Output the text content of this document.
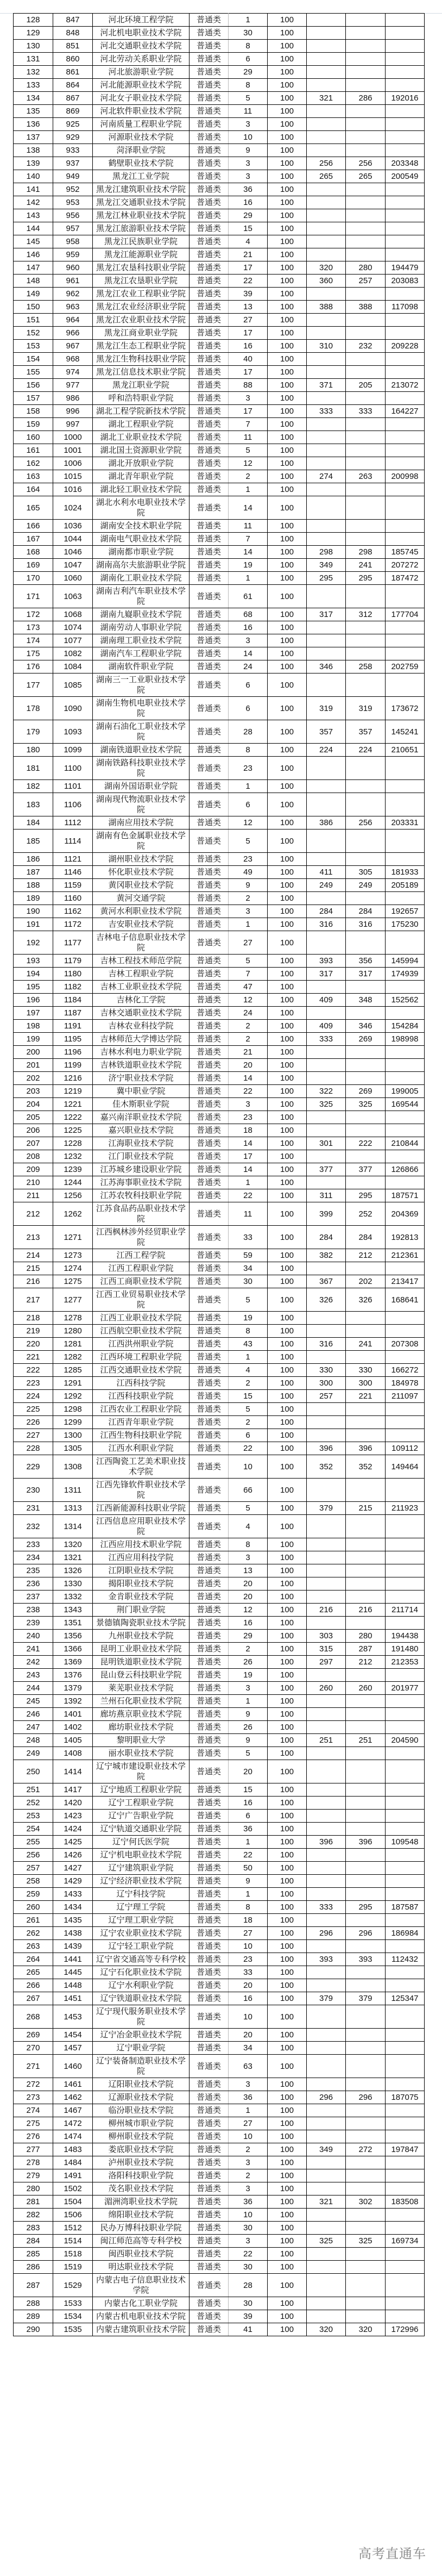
128	847	河北环境工程学院	普通类	1	100			
129	848	河北机电职业技术学院	普通类	30	100			
130	851	河北交通职业技术学院	普通类	8	100			
131	860	河北劳动关系职业学院	普通类	6	100			
132	861	河北旅游职业学院	普通类	29	100			
133	864	河北能源职业技术学院	普通类	8	100			
134	867	河北女子职业技术学院	普通类	5	100	321	286	192016
135	869	河北软件职业技术学院	普通类	11	100			
136	925	河南质量工程职业学院	普通类	3	100			
137	929	河源职业技术学院	普通类	10	100			
138	933	菏泽职业学院	普通类	9	100			
139	937	鹤壁职业技术学院	普通类	3	100	256	256	203348
140	949	黑龙江工业学院	普通类	3	100	265	265	200549
141	952	黑龙江建筑职业技术学院	普通类	36	100			
142	953	黑龙江交通职业技术学院	普通类	16	100			
143	956	黑龙江林业职业技术学院	普通类	29	100			
144	957	黑龙江旅游职业技术学院	普通类	15	100			
145	958	黑龙江民族职业学院	普通类	4	100			
146	959	黑龙江能源职业学院	普通类	21	100			
147	960	黑龙江农垦科技职业学院	普通类	17	100	320	280	194479
148	961	黑龙江农垦职业学院	普通类	22	100	360	257	203083
149	962	黑龙江农业工程职业学院	普通类	39	100			
150	963	黑龙江农业经济职业学院	普通类	13	100	388	388	117098
151	964	黑龙江农业职业技术学院	普通类	27	100			
152	966	黑龙江商业职业学院	普通类	17	100			
153	967	黑龙江生态工程职业学院	普通类	16	100	310	232	209228
154	968	黑龙江生物科技职业学院	普通类	40	100			
155	974	黑龙江信息技术职业学院	普通类	17	100			
156	977	黑龙江职业学院	普通类	88	100	371	205	213072
157	986	呼和浩特职业学院	普通类	3	100			
158	996	湖北工程学院新技术学院	普通类	17	100	333	333	164227
159	997	湖北工程职业学院	普通类	7	100			
160	1000	湖北工业职业技术学院	普通类	11	100			
161	1001	湖北国土资源职业学院	普通类	5	100			
162	1006	湖北开放职业学院	普通类	12	100			
163	1015	湖北青年职业学院	普通类	2	100	274	263	200998
164	1016	湖北轻工职业技术学院	普通类	1	100			
165	1024	湖北水利水电职业技术学院	普通类	14	100			
166	1036	湖南安全技术职业学院	普通类	11	100			
167	1044	湖南电气职业技术学院	普通类	7	100			
168	1046	湖南都市职业学院	普通类	14	100	298	298	185745
169	1047	湖南高尔夫旅游职业学院	普通类	19	100	349	241	207272
170	1060	湖南化工职业技术学院	普通类	1	100	295	295	187472
171	1063	湖南吉利汽车职业技术学院	普通类	61	100			
172	1068	湖南九嶷职业技术学院	普通类	68	100	317	312	177704
173	1074	湖南劳动人事职业学院	普通类	16	100			
174	1077	湖南理工职业技术学院	普通类	3	100			
175	1082	湖南汽车工程职业学院	普通类	14	100			
176	1084	湖南软件职业学院	普通类	24	100	346	258	202759
177	1085	湖南三一工业职业技术学院	普通类	6	100			
178	1090	湖南生物机电职业技术学院	普通类	6	100	319	319	173672
179	1093	湖南石油化工职业技术学院	普通类	28	100	357	357	145241
180	1099	湖南铁道职业技术学院	普通类	8	100	224	224	210651
181	1100	湖南铁路科技职业技术学院	普通类	23	100			
182	1101	湖南外国语职业学院	普通类	1	100			
183	1106	湖南现代物流职业技术学院	普通类	6	100			
184	1112	湖南应用技术学院	普通类	12	100	386	256	203331
185	1114	湖南有色金属职业技术学院	普通类	5	100			
186	1121	湖州职业技术学院	普通类	23	100			
187	1146	怀化职业技术学院	普通类	49	100	411	305	181933
188	1159	黄冈职业技术学院	普通类	9	100	249	249	205189
189	1160	黄河交通学院	普通类	2	100			
190	1162	黄河水利职业技术学院	普通类	3	100	284	284	192657
191	1172	吉安职业技术学院	普通类	1	100	316	316	175230
192	1177	吉林电子信息职业技术学院	普通类	27	100			
193	1179	吉林工程技术师范学院	普通类	5	100	393	356	145994
194	1180	吉林工程职业学院	普通类	7	100	317	317	174939
195	1182	吉林工业职业技术学院	普通类	47	100			
196	1184	吉林化工学院	普通类	12	100	409	348	152562
197	1187	吉林交通职业技术学院	普通类	24	100			
198	1191	吉林农业科技学院	普通类	2	100	409	346	154284
199	1195	吉林师范大学博达学院	普通类	2	100	333	269	198998
200	1196	吉林水利电力职业学院	普通类	21	100			
201	1199	吉林铁道职业技术学院	普通类	20	100			
202	1216	济宁职业技术学院	普通类	14	100			
203	1219	冀中职业学院	普通类	22	100	322	269	199005
204	1221	佳木斯职业学院	普通类	3	100	325	325	169544
205	1222	嘉兴南洋职业技术学院	普通类	23	100			
206	1225	嘉兴职业技术学院	普通类	18	100			
207	1228	江海职业技术学院	普通类	14	100	301	222	210844
208	1232	江门职业技术学院	普通类	17	100			
209	1239	江苏城乡建设职业学院	普通类	14	100	377	377	126866
210	1244	江苏海事职业技术学院	普通类	1	100			
211	1256	江苏农牧科技职业学院	普通类	22	100	311	295	187571
212	1262	江苏食品药品职业技术学院	普通类	11	100	399	252	204369
213	1271	江西枫林涉外经贸职业学院	普通类	33	100	284	284	192813
214	1273	江西工程学院	普通类	59	100	382	212	212361
215	1274	江西工程职业学院	普通类	34	100			
216	1275	江西工商职业技术学院	普通类	30	100	367	202	213417
217	1277	江西工业贸易职业技术学院	普通类	5	100	326	326	168641
218	1278	江西工业职业技术学院	普通类	19	100			
219	1280	江西航空职业技术学院	普通类	8	100			
220	1281	江西洪州职业学院	普通类	43	100	316	241	207308
221	1282	江西环境工程职业学院	普通类	1	100			
222	1285	江西交通职业技术学院	普通类	4	100	330	330	166272
223	1291	江西科技学院	普通类	2	100	300	300	184978
224	1292	江西科技职业学院	普通类	15	100	257	221	211097
225	1298	江西农业工程职业学院	普通类	5	100			
226	1299	江西青年职业学院	普通类	2	100			
227	1300	江西生物科技职业学院	普通类	6	100			
228	1305	江西水利职业学院	普通类	22	100	396	396	109112
229	1308	江西陶瓷工艺美术职业技术学院	普通类	10	100	352	352	149464
230	1311	江西先锋软件职业技术学院	普通类	66	100			
231	1313	江西新能源科技职业学院	普通类	5	100	379	215	211923
232	1314	江西信息应用职业技术学院	普通类	4	100			
233	1320	江西应用技术职业学院	普通类	8	100			
234	1321	江西应用科技学院	普通类	3	100			
235	1326	江阴职业技术学院	普通类	13	100			
236	1330	揭阳职业技术学院	普通类	20	100			
237	1332	金肯职业技术学院	普通类	20	100			
238	1343	荆门职业学院	普通类	12	100	216	216	211714
239	1351	景德镇陶瓷职业技术学院	普通类	16	100			
240	1356	九州职业技术学院	普通类	29	100	303	280	194438
241	1366	昆明工业职业技术学院	普通类	2	100	315	287	191480
242	1369	昆明铁道职业技术学院	普通类	26	100	297	212	212353
243	1376	昆山登云科技职业学院	普通类	19	100			
244	1379	莱芜职业技术学院	普通类	3	100	260	260	201977
245	1392	兰州石化职业技术学院	普通类	1	100			
246	1401	廊坊燕京职业技术学院	普通类	9	100			
247	1402	廊坊职业技术学院	普通类	26	100			
248	1405	黎明职业大学	普通类	9	100	251	251	204590
249	1408	丽水职业技术学院	普通类	5	100			
250	1414	辽宁城市建设职业技术学院	普通类	20	100			
251	1417	辽宁地质工程职业学院	普通类	15	100			
252	1420	辽宁工程职业学院	普通类	16	100			
253	1423	辽宁广告职业学院	普通类	6	100			
254	1424	辽宁轨道交通职业学院	普通类	36	100			
255	1425	辽宁何氏医学院	普通类	1	100	396	396	109548
256	1426	辽宁机电职业技术学院	普通类	22	100			
257	1427	辽宁建筑职业学院	普通类	50	100			
258	1429	辽宁经济职业技术学院	普通类	9	100			
259	1433	辽宁科技学院	普通类	1	100			
260	1434	辽宁理工学院	普通类	8	100	333	295	187587
261	1435	辽宁理工职业学院	普通类	18	100			
262	1438	辽宁农业职业技术学院	普通类	27	100	296	296	186984
263	1439	辽宁轻工职业学院	普通类	10	100			
264	1441	辽宁省交通高等专科学校	普通类	23	100	393	393	112432
265	1445	辽宁石化职业技术学院	普通类	33	100			
266	1448	辽宁水利职业学院	普通类	20	100			
267	1451	辽宁铁道职业技术学院	普通类	16	100	379	379	125347
268	1453	辽宁现代服务职业技术学院	普通类	10	100			
269	1454	辽宁冶金职业技术学院	普通类	20	100			
270	1457	辽宁职业学院	普通类	34	100			
271	1460	辽宁装备制造职业技术学院	普通类	63	100			
272	1461	辽阳职业技术学院	普通类	3	100			
273	1462	辽源职业技术学院	普通类	36	100	296	296	187075
274	1467	临汾职业技术学院	普通类	1	100			
275	1472	柳州城市职业学院	普通类	27	100			
276	1474	柳州职业技术学院	普通类	10	100			
277	1483	娄底职业技术学院	普通类	2	100	349	272	197847
278	1484	泸州职业技术学院	普通类	3	100			
279	1491	洛阳科技职业学院	普通类	2	100			
280	1502	茂名职业技术学院	普通类	3	100			
281	1504	湄洲湾职业技术学院	普通类	36	100	321	302	183508
282	1506	绵阳职业技术学院	普通类	10	100			
283	1512	民办万博科技职业学院	普通类	30	100			
284	1514	闽江师范高等专科学校	普通类	3	100	325	325	169734
285	1518	闽西职业技术学院	普通类	22	100			
286	1519	明达职业技术学院	普通类	30	100			
287	1529	内蒙古电子信息职业技术学院	普通类	28	100			
288	1533	内蒙古化工职业学院	普通类	30	100			
289	1534	内蒙古机电职业技术学院	普通类	39	100			
290	1535	内蒙古建筑职业技术学院	普通类	41	100	320	320	172996
高考直通车
